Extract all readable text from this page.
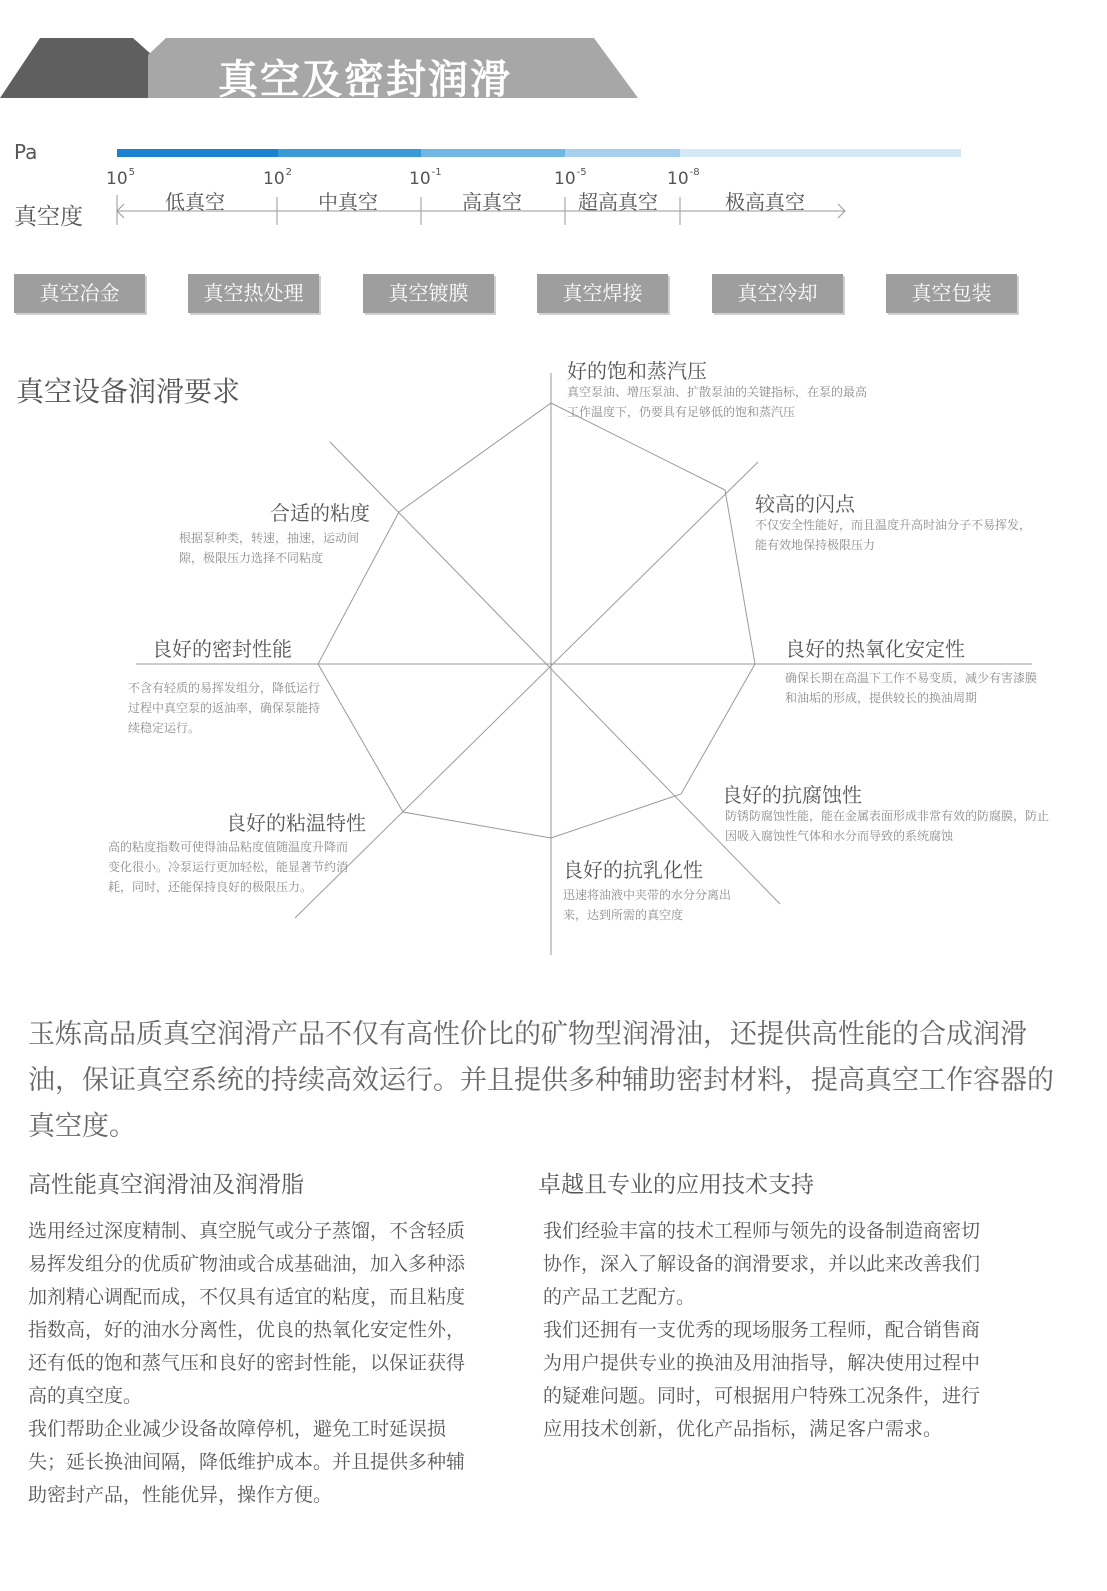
真空及密封润滑
Pa
真空度
$10^5$	$10^2$	$10^{-1}$	$10^{-5}$	$10^{-8}$
低真空	中真空	高真空	超高真空	极高真空
真空冶金	真空热处理	真空镀膜	真空焊接	真空冷却	真空包装
真空设备润滑要求
好的饱和蒸汽压
真空泵油、增压泵油、扩散泵油的关键指标，在泵的最高工作温度下，仍要具有足够低的饱和蒸汽压
较高的闪点
不仅安全性能好，而且温度升高时油分子不易挥发，能有效地保持极限压力
良好的热氧化安定性
确保长期在高温下工作不易变质，减少有害漆膜和油垢的形成，提供较长的换油周期
良好的抗腐蚀性
防锈防腐蚀性能，能在金属表面形成非常有效的防腐膜，防止因吸入腐蚀性气体和水分而导致的系统腐蚀
良好的抗乳化性
迅速将油液中夹带的水分分离出来，达到所需的真空度
良好的粘温特性
高的粘度指数可使得油品粘度值随温度升降而变化很小。冷泵运行更加轻松，能显著节约消耗，同时，还能保持良好的极限压力。
良好的密封性能
不含有轻质的易挥发组分，降低运行过程中真空泵的返油率，确保泵能持续稳定运行。
合适的粘度
根据泵种类，转速，抽速，运动间隙，极限压力选择不同粘度
玉炼高品质真空润滑产品不仅有高性价比的矿物型润滑油，还提供高性能的合成润滑油，保证真空系统的持续高效运行。并且提供多种辅助密封材料，提高真空工作容器的真空度。
高性能真空润滑油及润滑脂

选用经过深度精制、真空脱气或分子蒸馏，不含轻质易挥发组分的优质矿物油或合成基础油，加入多种添加剂精心调配而成，不仅具有适宜的粘度，而且粘度指数高，好的油水分离性，优良的热氧化安定性外，还有低的饱和蒸气压和良好的密封性能，以保证获得高的真空度。

我们帮助企业减少设备故障停机，避免工时延误损失；延长换油间隔，降低维护成本。并且提供多种辅助密封产品，性能优异，操作方便。

卓越且专业的应用技术支持

我们经验丰富的技术工程师与领先的设备制造商密切协作，深入了解设备的润滑要求，并以此来改善我们的产品工艺配方。

我们还拥有一支优秀的现场服务工程师，配合销售商为用户提供专业的换油及用油指导，解决使用过程中的疑难问题。同时，可根据用户特殊工况条件，进行应用技术创新，优化产品指标，满足客户需求。
